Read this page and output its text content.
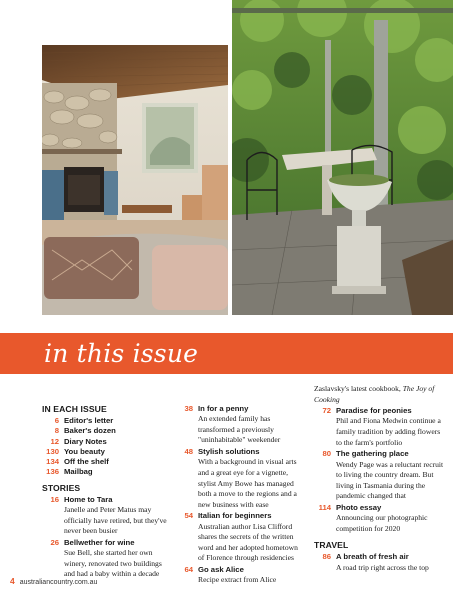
in this issue
IN EACH ISSUE
6 Editor's letter
8 Baker's dozen
12 Diary Notes
130 You beauty
134 Off the shelf
136 Mailbag
STORIES
16 Home to Tara
Janelle and Peter Matus may officially have retired, but they've never been busier
26 Bellwether for wine
Sue Bell, she started her own winery, renovated two buildings and had a baby within a decade
38 In for a penny
An extended family has transformed a previously "uninhabitable" weekender
48 Stylish solutions
With a background in visual arts and a great eye for a vignette, stylist Amy Bowe has managed both a move to the regions and a new business with ease
54 Italian for beginners
Australian author Lisa Clifford shares the secrets of the written word and her adopted hometown of Florence through residencies
64 Go ask Alice
Recipe extract from Alice
Zaslavsky's latest cookbook, The Joy of Cooking
72 Paradise for peonies
Phil and Fiona Medwin continue a family tradition by adding flowers to the farm's portfolio
80 The gathering place
Wendy Page was a reluctant recruit to living the country dream. But living in Tasmania during the pandemic changed that
114 Photo essay
Announcing our photographic competition for 2020
TRAVEL
86 A breath of fresh air
A road trip right across the top
4 australiancountry.com.au
